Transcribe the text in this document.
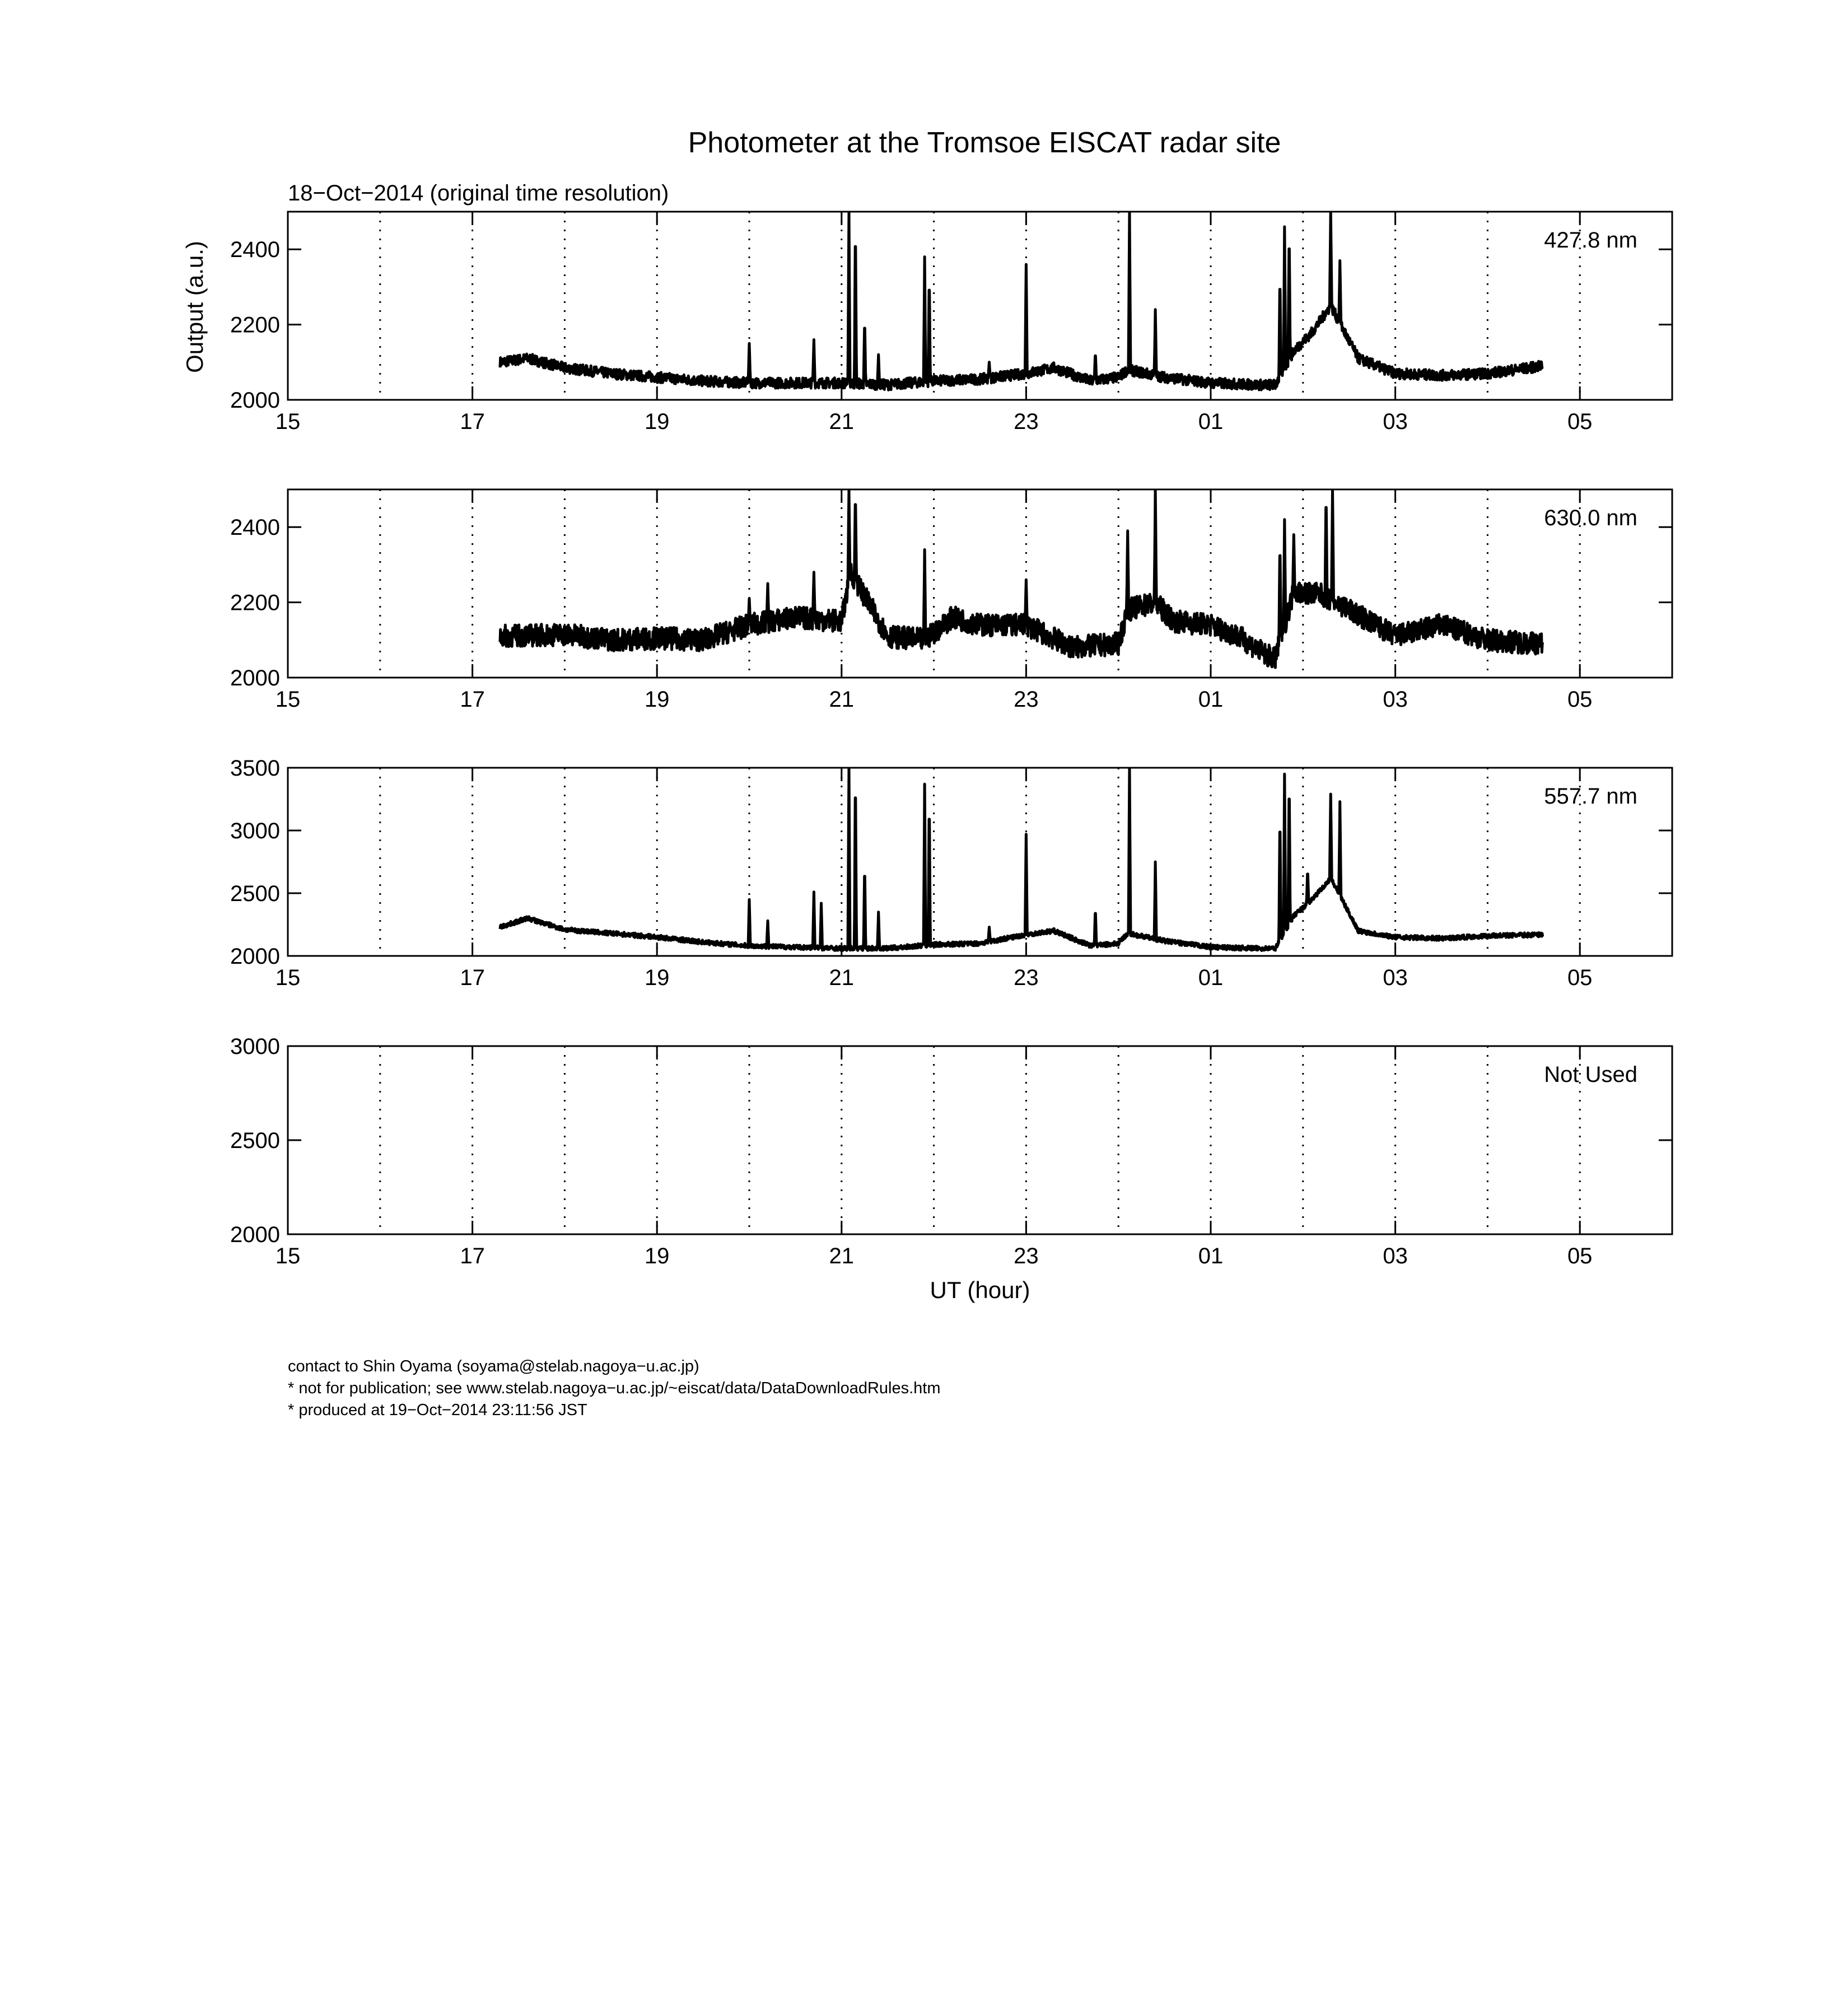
Photometer at the Tromsoe EISCAT radar site
18−Oct−2014 (original time resolution)
Output (a.u.)
UT (hour)
15	17	19	21	23	01	03	05
2000
2200
2400	427.8 nm
15	17	19	21	23	01	03	05
2000
2200
2400	630.0 nm
15	17	19	21	23	01	03	05
2000
2500
3000
3500
557.7 nm
15	17	19	21	23	01	03	05
2000
2500
3000
Not Used
contact to Shin Oyama (soyama@stelab.nagoya−u.ac.jp)
* not for publication; see www.stelab.nagoya−u.ac.jp/~eiscat/data/DataDownloadRules.htm
* produced at 19−Oct−2014 23:11:56 JST
